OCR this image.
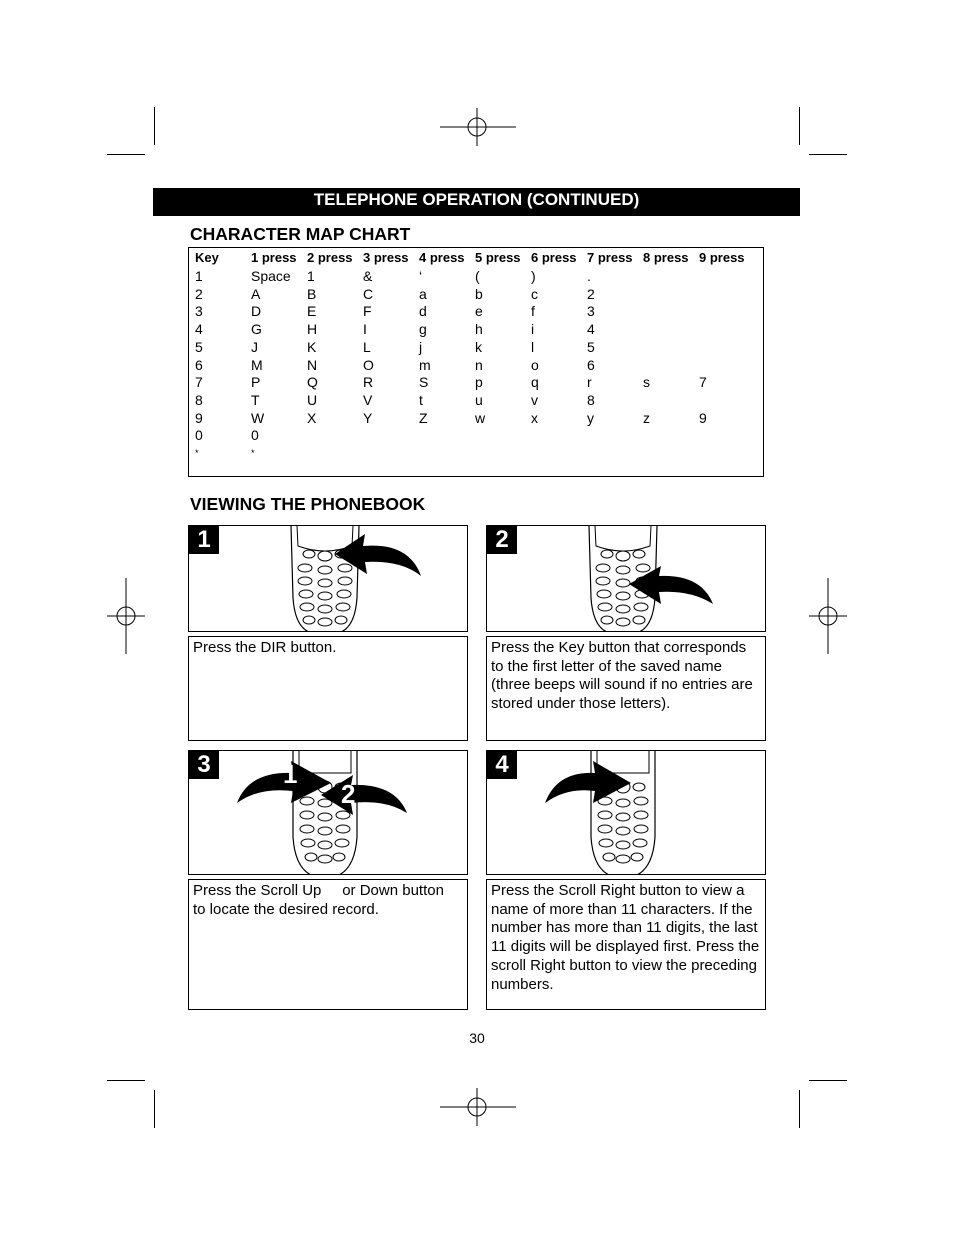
TELEPHONE OPERATION (CONTINUED)
CHARACTER MAP CHART
Key 1 press 2 press 3 press 4 press 5 press 6 press 7 press 8 press 9 press
1	Space 1	&	‘	(	)	.
2	A	B	C	a	b	c	2
3	D	E	F	d	e	f	3
4	G	H	I	g	h	i	4
5	J	K	L	j	k	l	5
6	M	N	O	m	n	o	6
7	P	Q	R	S	p	q	r	s	7
8	T	U	V	t	u	v	8
9	W	X	Y	Z	w	x	y	z	9
0	0
*	*
VIEWING THE PHONEBOOK
1	2
Press the DIR button.	Press the Key button that corresponds to the first letter of the saved name (three beeps will sound if no entries are stored under those letters).
3	1
2
4
Press the Scroll Up     or Down button     to locate the desired record.
Press the Scroll Right button to view a name of more than 11 characters. If the number has more than 11 digits, the last 11 digits will be displayed first. Press the scroll Right button to view the preceding numbers.
30
